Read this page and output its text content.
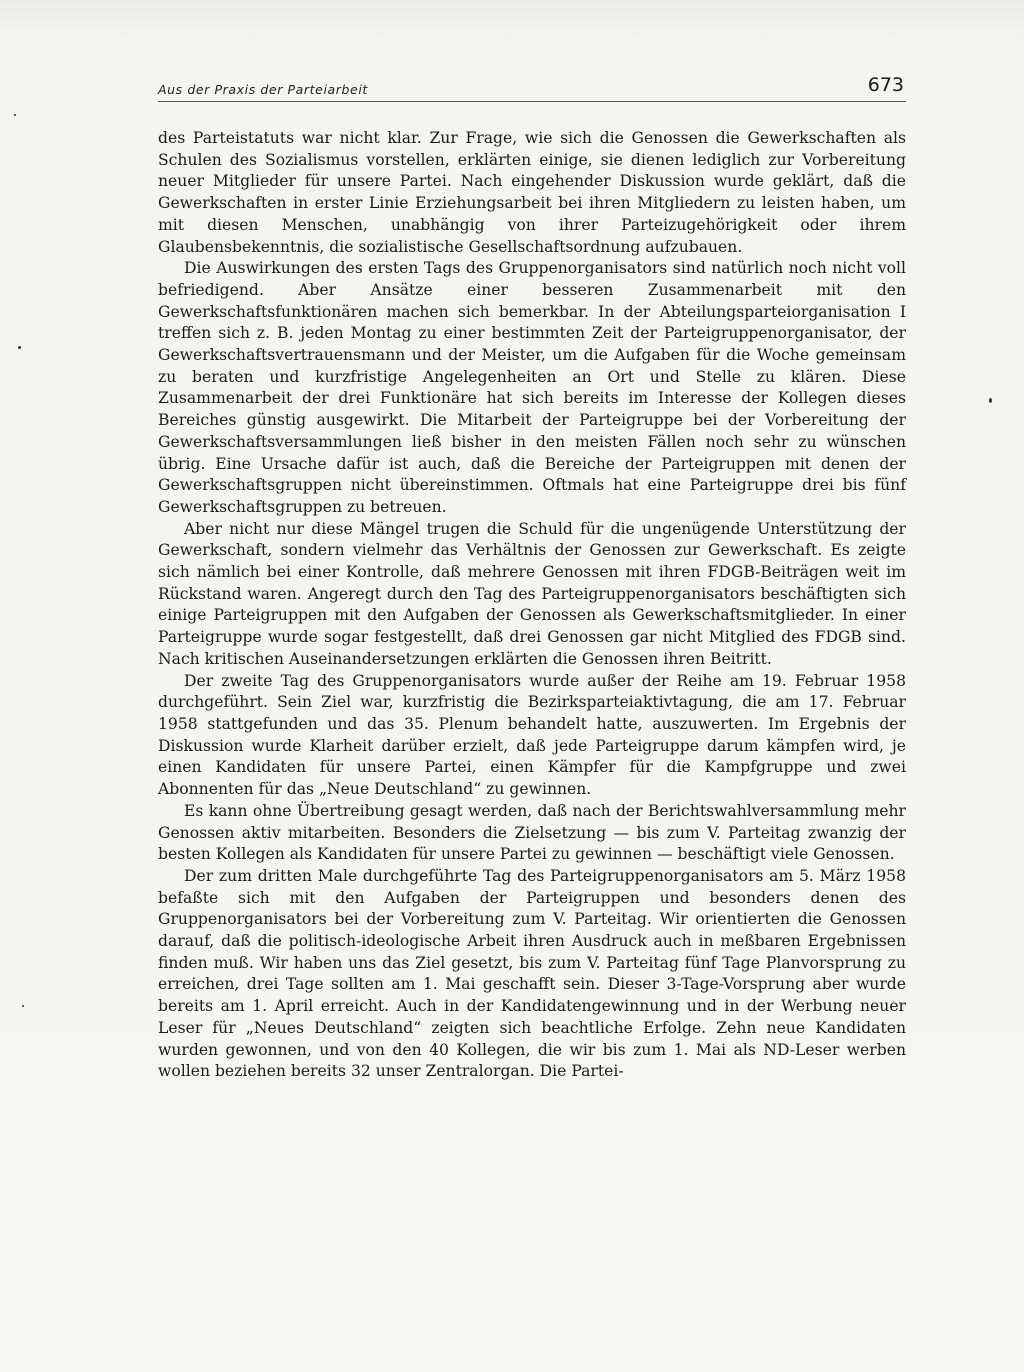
Aus der Praxis der Parteiarbeit	673

des Parteistatuts war nicht klar. Zur Frage, wie sich die Genossen die Gewerkschaften als Schulen des Sozialismus vorstellen, erklärten einige, sie dienen lediglich zur Vorbereitung neuer Mitglieder für unsere Partei. Nach eingehender Diskussion wurde geklärt, daß die Gewerkschaften in erster Linie Erziehungsarbeit bei ihren Mitgliedern zu leisten haben, um mit diesen Menschen, unabhängig von ihrer Parteizugehörigkeit oder ihrem Glaubensbekenntnis, die sozialistische Gesellschaftsordnung aufzubauen.

Die Auswirkungen des ersten Tags des Gruppenorganisators sind natürlich noch nicht voll befriedigend. Aber Ansätze einer besseren Zusammenarbeit mit den Gewerkschaftsfunktionären machen sich bemerkbar. In der Abteilungsparteiorganisation I treffen sich z. B. jeden Montag zu einer bestimmten Zeit der Parteigruppenorganisator, der Gewerkschaftsvertrauensmann und der Meister, um die Aufgaben für die Woche gemeinsam zu beraten und kurzfristige Angelegenheiten an Ort und Stelle zu klären. Diese Zusammenarbeit der drei Funktionäre hat sich bereits im Interesse der Kollegen dieses Bereiches günstig ausgewirkt. Die Mitarbeit der Parteigruppe bei der Vorbereitung der Gewerkschaftsversammlungen ließ bisher in den meisten Fällen noch sehr zu wünschen übrig. Eine Ursache dafür ist auch, daß die Bereiche der Parteigruppen mit denen der Gewerkschaftsgruppen nicht übereinstimmen. Oftmals hat eine Parteigruppe drei bis fünf Gewerkschaftsgruppen zu betreuen.

Aber nicht nur diese Mängel trugen die Schuld für die ungenügende Unterstützung der Gewerkschaft, sondern vielmehr das Verhältnis der Genossen zur Gewerkschaft. Es zeigte sich nämlich bei einer Kontrolle, daß mehrere Genossen mit ihren FDGB-Beiträgen weit im Rückstand waren. Angeregt durch den Tag des Parteigruppenorganisators beschäftigten sich einige Parteigruppen mit den Aufgaben der Genossen als Gewerkschaftsmitglieder. In einer Parteigruppe wurde sogar festgestellt, daß drei Genossen gar nicht Mitglied des FDGB sind. Nach kritischen Auseinandersetzungen erklärten die Genossen ihren Beitritt.

Der zweite Tag des Gruppenorganisators wurde außer der Reihe am 19. Februar 1958 durchgeführt. Sein Ziel war, kurzfristig die Bezirksparteiaktivtagung, die am 17. Februar 1958 stattgefunden und das 35. Plenum behandelt hatte, auszuwerten. Im Ergebnis der Diskussion wurde Klarheit darüber erzielt, daß jede Parteigruppe darum kämpfen wird, je einen Kandidaten für unsere Partei, einen Kämpfer für die Kampfgruppe und zwei Abonnenten für das „Neue Deutschland“ zu gewinnen.

Es kann ohne Übertreibung gesagt werden, daß nach der Berichtswahlversammlung mehr Genossen aktiv mitarbeiten. Besonders die Zielsetzung — bis zum V. Parteitag zwanzig der besten Kollegen als Kandidaten für unsere Partei zu gewinnen — beschäftigt viele Genossen.

Der zum dritten Male durchgeführte Tag des Parteigruppenorganisators am 5. März 1958 befaßte sich mit den Aufgaben der Parteigruppen und besonders denen des Gruppenorganisators bei der Vorbereitung zum V. Parteitag. Wir orientierten die Genossen darauf, daß die politisch-ideologische Arbeit ihren Ausdruck auch in meßbaren Ergebnissen finden muß. Wir haben uns das Ziel gesetzt, bis zum V. Parteitag fünf Tage Planvorsprung zu erreichen, drei Tage sollten am 1. Mai geschafft sein. Dieser 3-Tage-Vorsprung aber wurde bereits am 1. April erreicht. Auch in der Kandidatengewinnung und in der Werbung neuer Leser für „Neues Deutschland“ zeigten sich beachtliche Erfolge. Zehn neue Kandidaten wurden gewonnen, und von den 40 Kollegen, die wir bis zum 1. Mai als ND-Leser werben wollen beziehen bereits 32 unser Zentralorgan. Die Partei-
